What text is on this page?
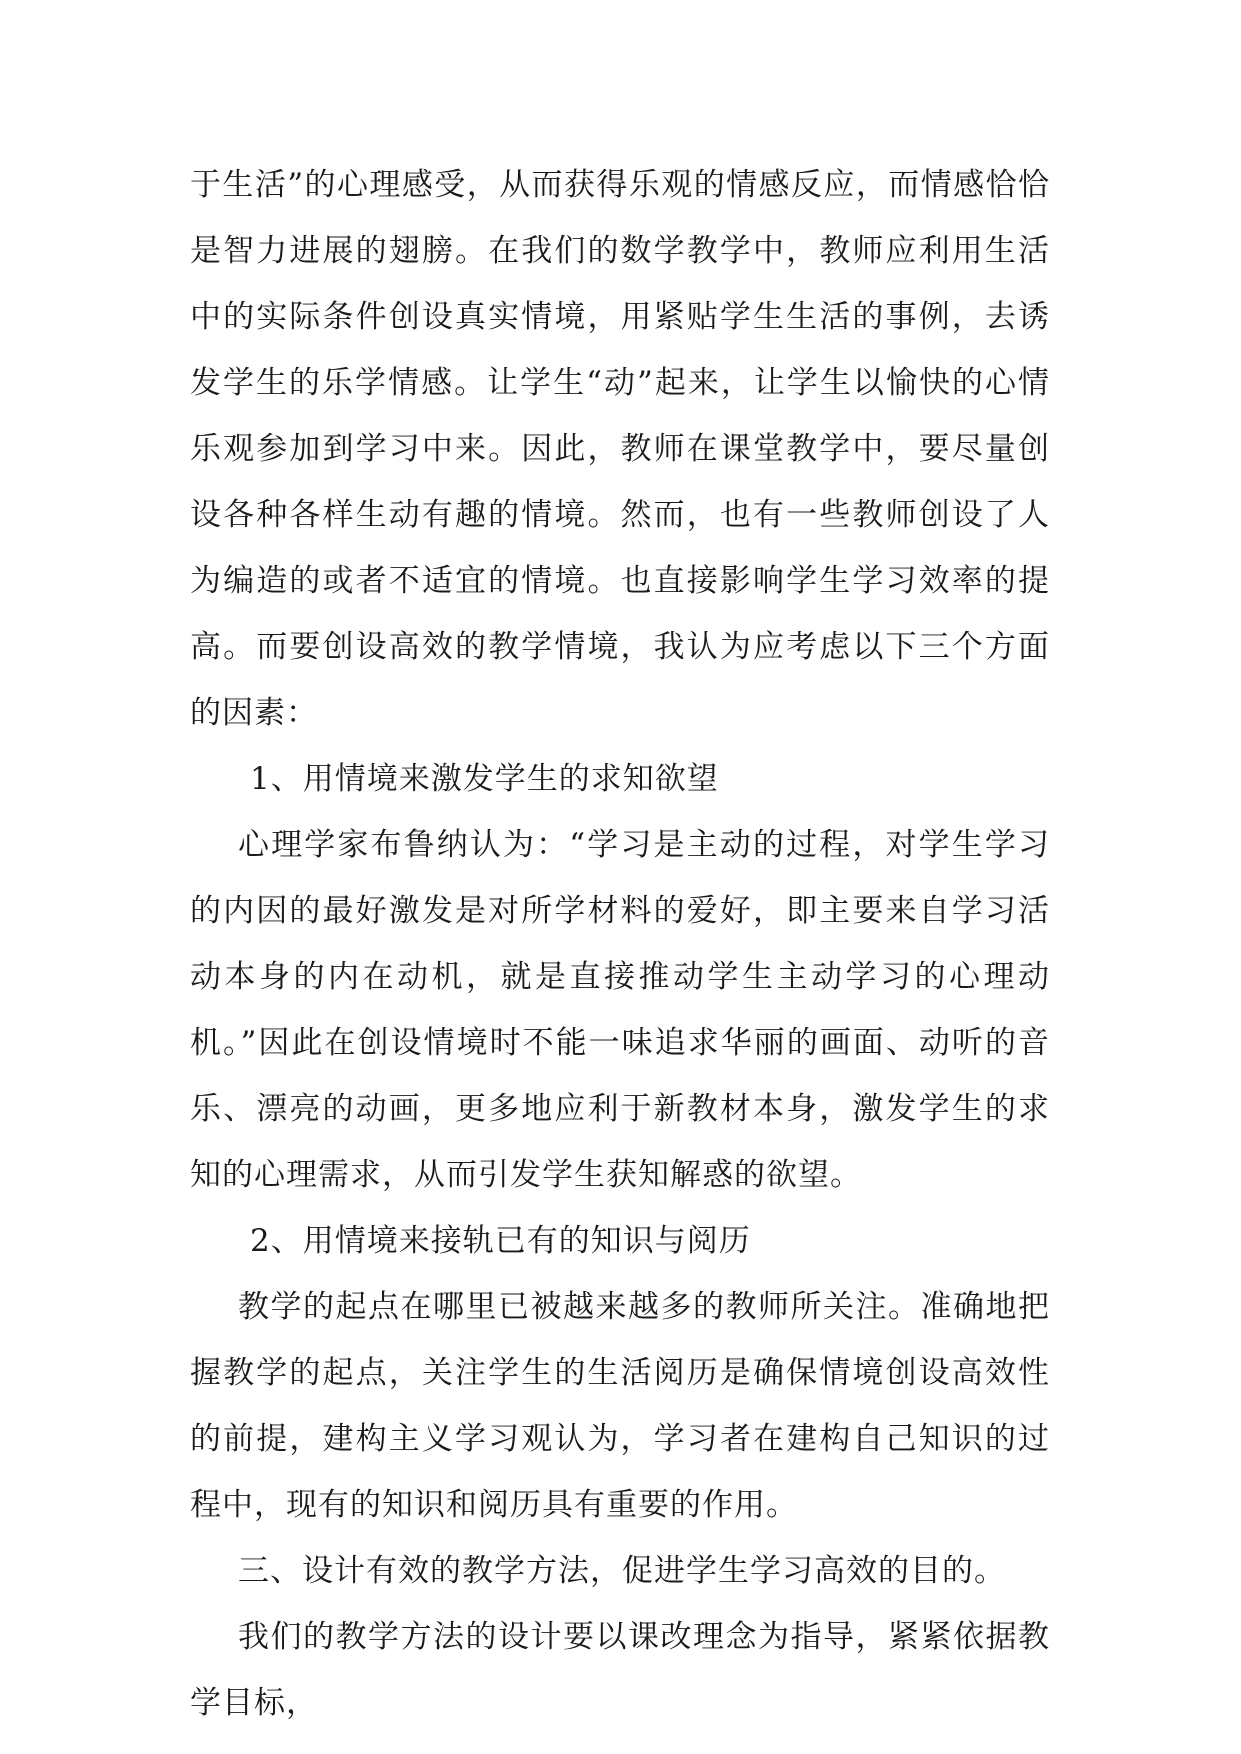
于生活”的心理感受，从而获得乐观的情感反应，而情感恰恰是智力进展的翅膀。在我们的数学教学中，教师应利用生活中的实际条件创设真实情境，用紧贴学生生活的事例，去诱发学生的乐学情感。让学生“动”起来，让学生以愉快的心情乐观参加到学习中来。因此，教师在课堂教学中，要尽量创设各种各样生动有趣的情境。然而，也有一些教师创设了人为编造的或者不适宜的情境。也直接影响学生学习效率的提高。而要创设高效的教学情境，我认为应考虑以下三个方面的因素：

1、用情境来激发学生的求知欲望

心理学家布鲁纳认为：“学习是主动的过程，对学生学习的内因的最好激发是对所学材料的爱好，即主要来自学习活动本身的内在动机，就是直接推动学生主动学习的心理动机。”因此在创设情境时不能一味追求华丽的画面、动听的音乐、漂亮的动画，更多地应利于新教材本身，激发学生的求知的心理需求，从而引发学生获知解惑的欲望。

2、用情境来接轨已有的知识与阅历

教学的起点在哪里已被越来越多的教师所关注。准确地把握教学的起点，关注学生的生活阅历是确保情境创设高效性的前提，建构主义学习观认为，学习者在建构自己知识的过程中，现有的知识和阅历具有重要的作用。

三、设计有效的教学方法，促进学生学习高效的目的。

我们的教学方法的设计要以课改理念为指导，紧紧依据教学目标，
